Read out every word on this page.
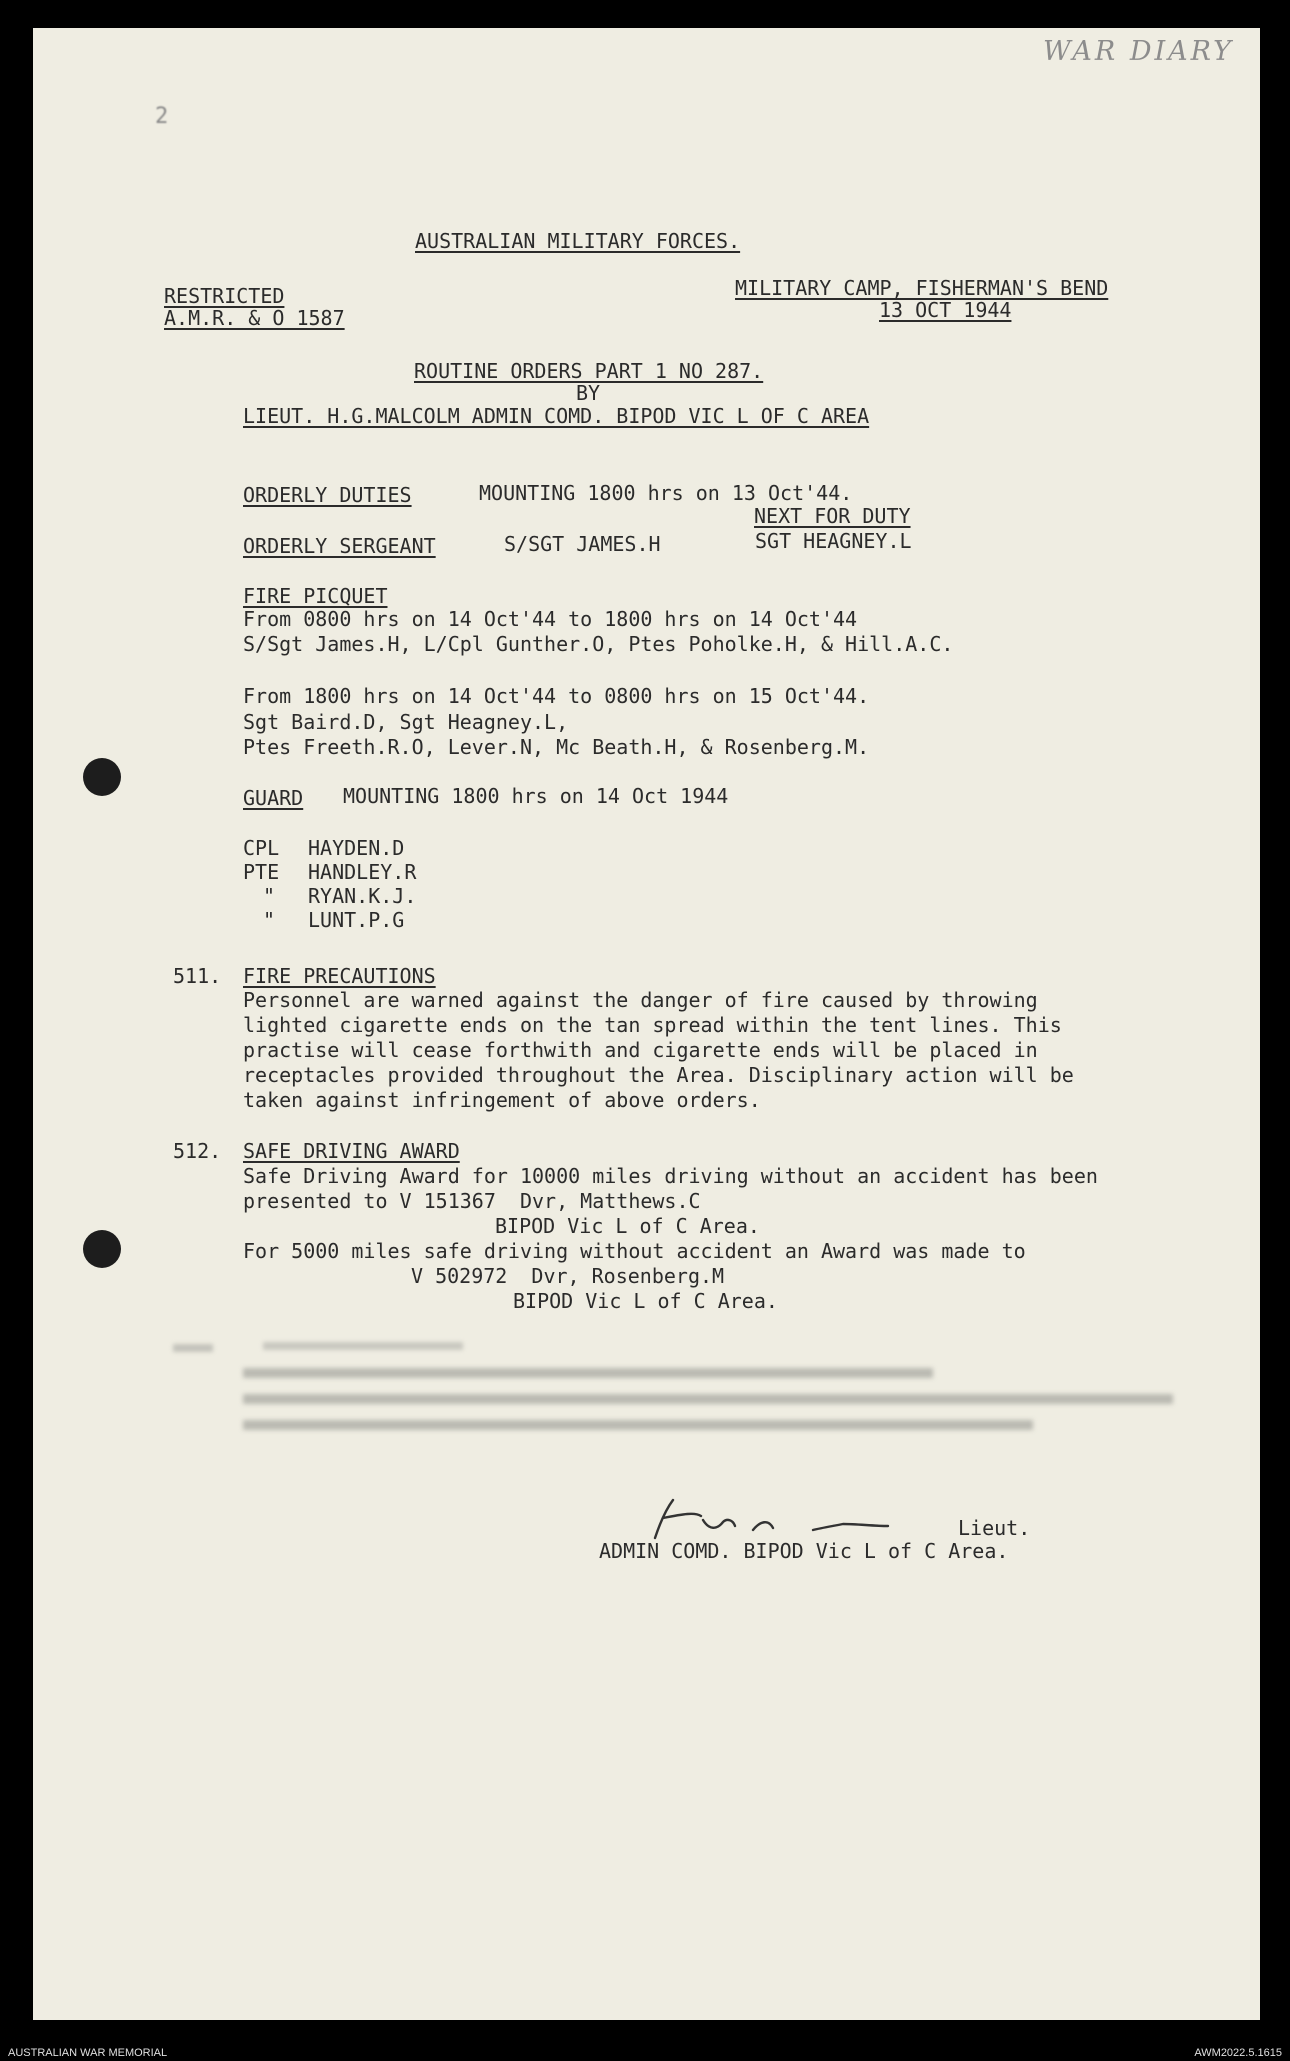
WAR DIARY
2
AUSTRALIAN MILITARY FORCES.
RESTRICTED
A.M.R. & O 1587
MILITARY CAMP, FISHERMAN'S BEND
13 OCT 1944
ROUTINE ORDERS PART 1 NO 287.
BY
LIEUT. H.G.MALCOLM ADMIN COMD. BIPOD VIC L OF C AREA
ORDERLY DUTIES	MOUNTING 1800 hrs on 13 Oct'44.
NEXT FOR DUTY
ORDERLY SERGEANT	S/SGT JAMES.H	SGT HEAGNEY.L
FIRE PICQUET
From 0800 hrs on 14 Oct'44 to 1800 hrs on 14 Oct'44
S/Sgt James.H, L/Cpl Gunther.O, Ptes Poholke.H, & Hill.A.C.
From 1800 hrs on 14 Oct'44 to 0800 hrs on 15 Oct'44.
Sgt Baird.D, Sgt Heagney.L,
Ptes Freeth.R.O, Lever.N, Mc Beath.H, & Rosenberg.M.
GUARD MOUNTING 1800 hrs on 14 Oct 1944
CPL HAYDEN.D
PTE HANDLEY.R
" RYAN.K.J.
" LUNT.P.G
511. FIRE PRECAUTIONS
Personnel are warned against the danger of fire caused by throwing
lighted cigarette ends on the tan spread within the tent lines. This
practise will cease forthwith and cigarette ends will be placed in
receptacles provided throughout the Area. Disciplinary action will be
taken against infringement of above orders.
512. SAFE DRIVING AWARD
Safe Driving Award for 10000 miles driving without an accident has been
presented to V 151367  Dvr, Matthews.C
BIPOD Vic L of C Area.
For 5000 miles safe driving without accident an Award was made to
V 502972  Dvr, Rosenberg.M
BIPOD Vic L of C Area.
Lieut.
ADMIN COMD. BIPOD Vic L of C Area.
AUSTRALIAN WAR MEMORIAL	AWM2022.5.1615
